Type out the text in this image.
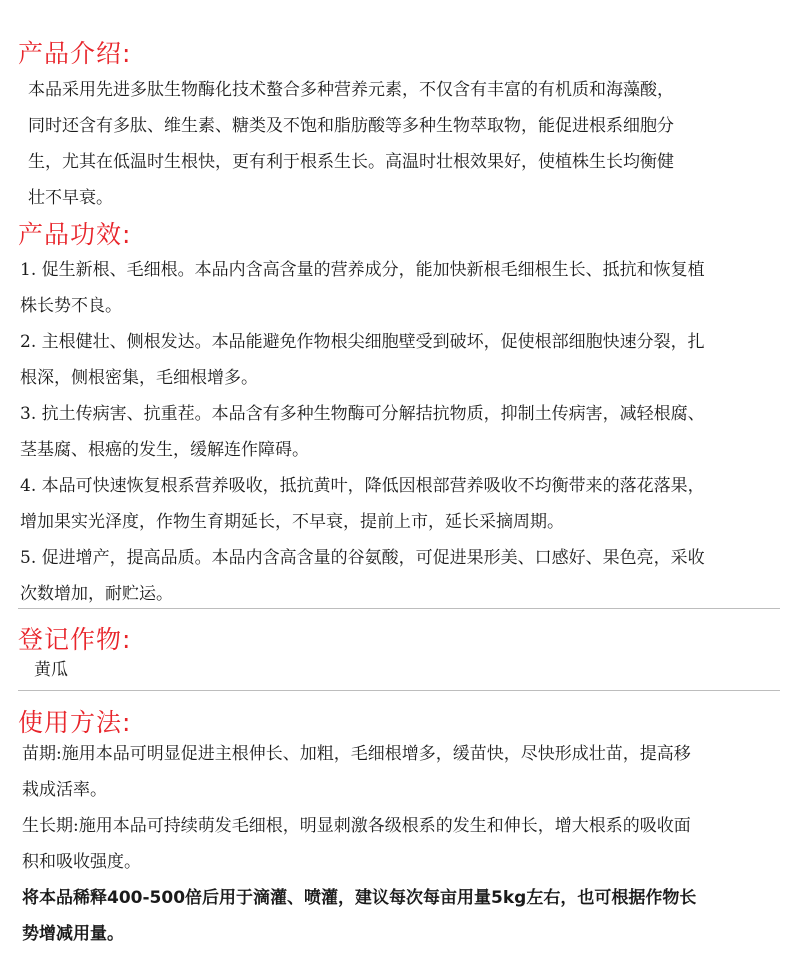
产品介绍:
本品采用先进多肽生物酶化技术螯合多种营养元素，不仅含有丰富的有机质和海藻酸，
同时还含有多肽、维生素、糖类及不饱和脂肪酸等多种生物萃取物，能促进根系细胞分
生，尤其在低温时生根快，更有利于根系生长。高温时壮根效果好，使植株生长均衡健
壮不早衰。
产品功效:
1. 促生新根、毛细根。本品内含高含量的营养成分，能加快新根毛细根生长、抵抗和恢复植
株长势不良。
2. 主根健壮、侧根发达。本品能避免作物根尖细胞壁受到破坏，促使根部细胞快速分裂，扎
根深，侧根密集，毛细根增多。
3. 抗土传病害、抗重茬。本品含有多种生物酶可分解拮抗物质，抑制土传病害，减轻根腐、
茎基腐、根癌的发生，缓解连作障碍。
4. 本品可快速恢复根系营养吸收，抵抗黄叶，降低因根部营养吸收不均衡带来的落花落果，
增加果实光泽度，作物生育期延长，不早衰，提前上市，延长采摘周期。
5. 促进增产，提高品质。本品内含高含量的谷氨酸，可促进果形美、口感好、果色亮，采收
次数增加，耐贮运。
登记作物:
黄瓜
使用方法:
苗期:施用本品可明显促进主根伸长、加粗，毛细根增多，缓苗快，尽快形成壮苗，提高移
栽成活率。
生长期:施用本品可持续萌发毛细根，明显刺激各级根系的发生和伸长，增大根系的吸收面
积和吸收强度。
将本品稀释400-500倍后用于滴灌、喷灌，建议每次每亩用量5kg左右，也可根据作物长
势增减用量。
